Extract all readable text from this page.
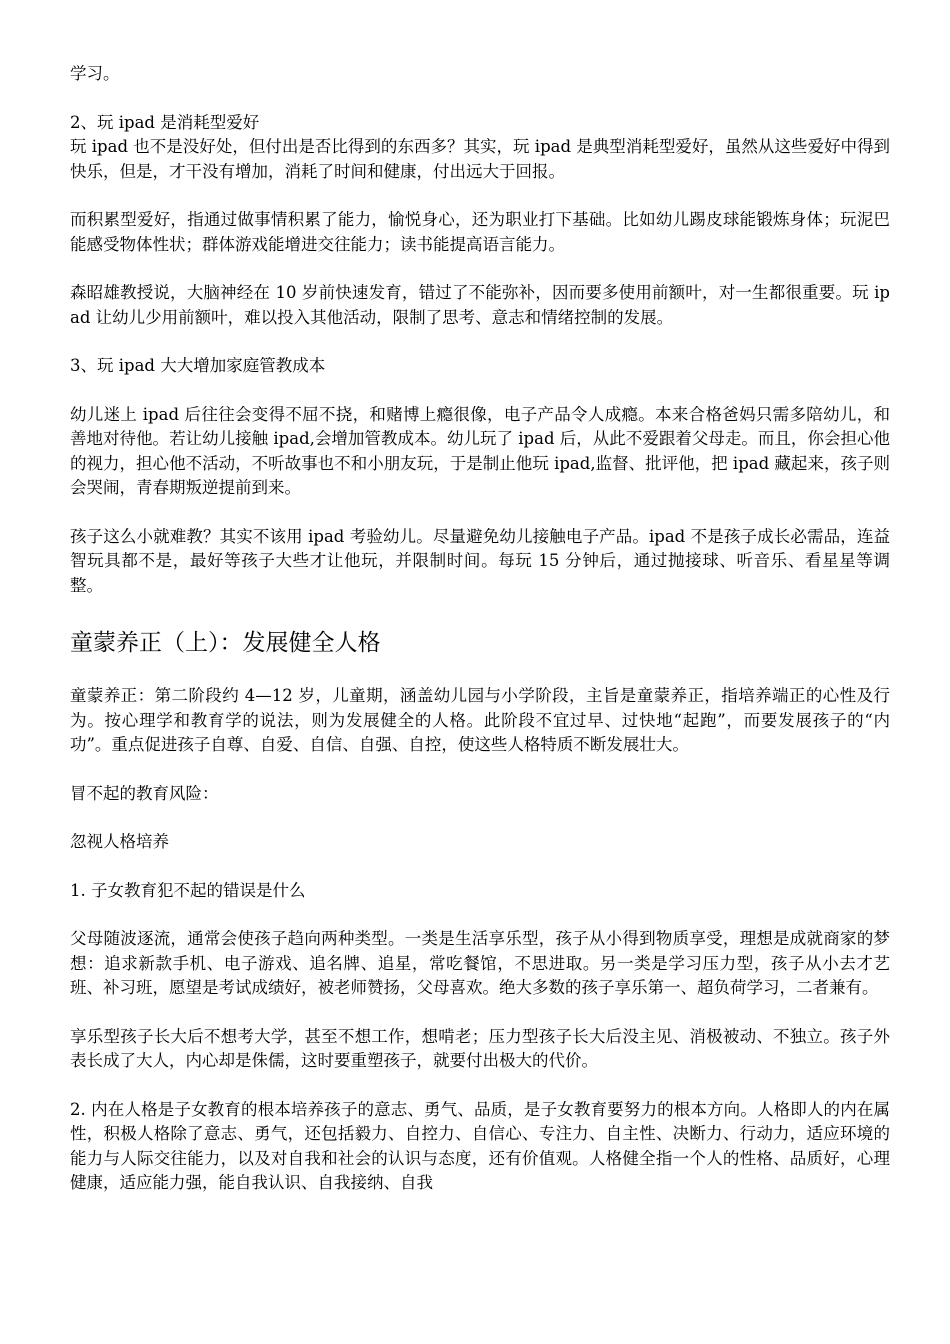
学习。

2、玩 ipad 是消耗型爱好

玩 ipad 也不是没好处，但付出是否比得到的东西多？其实，玩 ipad 是典型消耗型爱好，虽然从这些爱好中得到快乐，但是，才干没有增加，消耗了时间和健康，付出远大于回报。

而积累型爱好，指通过做事情积累了能力，愉悦身心，还为职业打下基础。比如幼儿踢皮球能锻炼身体；玩泥巴能感受物体性状；群体游戏能增进交往能力；读书能提高语言能力。

森昭雄教授说，大脑神经在 10 岁前快速发育，错过了不能弥补，因而要多使用前额叶，对一生都很重要。玩 ipad 让幼儿少用前额叶，难以投入其他活动，限制了思考、意志和情绪控制的发展。

3、玩 ipad 大大增加家庭管教成本

幼儿迷上 ipad 后往往会变得不屈不挠，和赌博上瘾很像，电子产品令人成瘾。本来合格爸妈只需多陪幼儿，和善地对待他。若让幼儿接触 ipad,会增加管教成本。幼儿玩了 ipad 后，从此不爱跟着父母走。而且，你会担心他的视力，担心他不活动，不听故事也不和小朋友玩，于是制止他玩 ipad,监督、批评他，把 ipad 藏起来，孩子则会哭闹，青春期叛逆提前到来。

孩子这么小就难教？其实不该用 ipad 考验幼儿。尽量避免幼儿接触电子产品。ipad 不是孩子成长必需品，连益智玩具都不是，最好等孩子大些才让他玩，并限制时间。每玩 15 分钟后，通过抛接球、听音乐、看星星等调整。

童蒙养正（上）：发展健全人格

童蒙养正：第二阶段约 4—12 岁，儿童期，涵盖幼儿园与小学阶段，主旨是童蒙养正，指培养端正的心性及行为。按心理学和教育学的说法，则为发展健全的人格。此阶段不宜过早、过快地“起跑”，而要发展孩子的“内功”。重点促进孩子自尊、自爱、自信、自强、自控，使这些人格特质不断发展壮大。

冒不起的教育风险：

忽视人格培养

1. 子女教育犯不起的错误是什么

父母随波逐流，通常会使孩子趋向两种类型。一类是生活享乐型，孩子从小得到物质享受，理想是成就商家的梦想：追求新款手机、电子游戏、追名牌、追星，常吃餐馆，不思进取。另一类是学习压力型，孩子从小去才艺班、补习班，愿望是考试成绩好，被老师赞扬，父母喜欢。绝大多数的孩子享乐第一、超负荷学习，二者兼有。

享乐型孩子长大后不想考大学，甚至不想工作，想啃老；压力型孩子长大后没主见、消极被动、不独立。孩子外表长成了大人，内心却是侏儒，这时要重塑孩子，就要付出极大的代价。

2. 内在人格是子女教育的根本培养孩子的意志、勇气、品质，是子女教育要努力的根本方向。人格即人的内在属性，积极人格除了意志、勇气，还包括毅力、自控力、自信心、专注力、自主性、决断力、行动力，适应环境的能力与人际交往能力，以及对自我和社会的认识与态度，还有价值观。人格健全指一个人的性格、品质好，心理健康，适应能力强，能自我认识、自我接纳、自我
